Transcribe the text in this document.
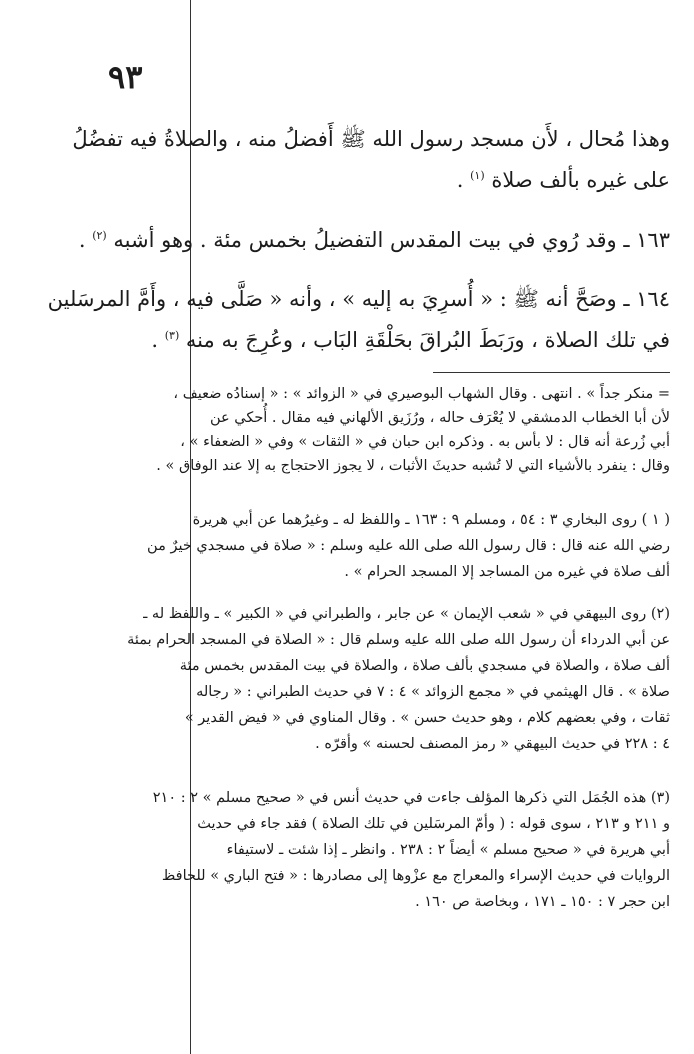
٩٣
وهذا مُحال ، لأَن مسجد رسول الله ﷺ أَفضلُ منه ، والصلاةُ فيه تفضُلُ
على غيره بألف صلاة $^{(١)}$ .
١٦٣ ـ وقد رُوي في بيت المقدس التفضيلُ بخمس مئة . وهو أشبه $^{(٢)}$ .
١٦٤ ـ وصَحَّ أنه ﷺ : « أُسرِيَ به إليه » ، وأنه « صَلَّى فيه ، وأَمَّ المرسَلين
في تلك الصلاة ، ورَبَطَ البُراقَ بحَلْقَةِ البَاب ، وعُرِجَ به منه $^{(٣)}$ .
= منكر جداً » . انتهى . وقال الشهاب البوصيري في « الزوائد » : « إسنادُه ضعيف ،
لأن أبا الخطاب الدمشقي لا يُعْرَف حاله ، ورُزَيق الألهاني فيه مقال . أُحكي عن
أبي زُرعة أنه قال : لا بأس به . وذكره ابن حبان في « الثقات » وفي « الضعفاء » ،
وقال : ينفرد بالأشياء التي لا تُشبه حديثَ الأثبات ، لا يجوز الاحتجاج به إلا عند الوفاق » .
( ١ ) روى البخاري ٣ : ٥٤ ، ومسلم ٩ : ١٦٣ ـ واللفظ له ـ وغيرُهما عن أبي هريرة
رضي الله عنه قال : قال رسول الله صلى الله عليه وسلم : « صلاة في مسجدي خيرٌ من
ألف صلاة في غيره من المساجد إلا المسجد الحرام » .
(٢) روى البيهقي في « شعب الإيمان » عن جابر ، والطبراني في « الكبير » ـ واللفظ له ـ
عن أبي الدرداء أن رسول الله صلى الله عليه وسلم قال : « الصلاة في المسجد الحرام بمئة
ألف صلاة ، والصلاة في مسجدي بألف صلاة ، والصلاة في بيت المقدس بخمس مئة
صلاة » . قال الهيثمي في « مجمع الزوائد » ٤ : ٧ في حديث الطبراني : « رجاله
ثقات ، وفي بعضهم كلام ، وهو حديث حسن » . وقال المناوي في « فيض القدير »
٤ : ٢٢٨ في حديث البيهقي « رمز المصنف لحسنه » وأقرّه .
(٣) هذه الجُمَل التي ذكرها المؤلف جاءت في حديث أنس في « صحيح مسلم » ٢ : ٢١٠
و ٢١١ و ٢١٣ ، سوى قوله : ( وأمّ المرسَلين في تلك الصلاة ) فقد جاء في حديث
أبي هريرة في « صحيح مسلم » أيضاً ٢ : ٢٣٨ . وانظر ـ إذا شئت ـ لاستيفاء
الروايات في حديث الإسراء والمعراج مع عزْوها إلى مصادرها : « فتح الباري » للحافظ
ابن حجر ٧ : ١٥٠ ـ ١٧١ ، وبخاصة ص ١٦٠ .
